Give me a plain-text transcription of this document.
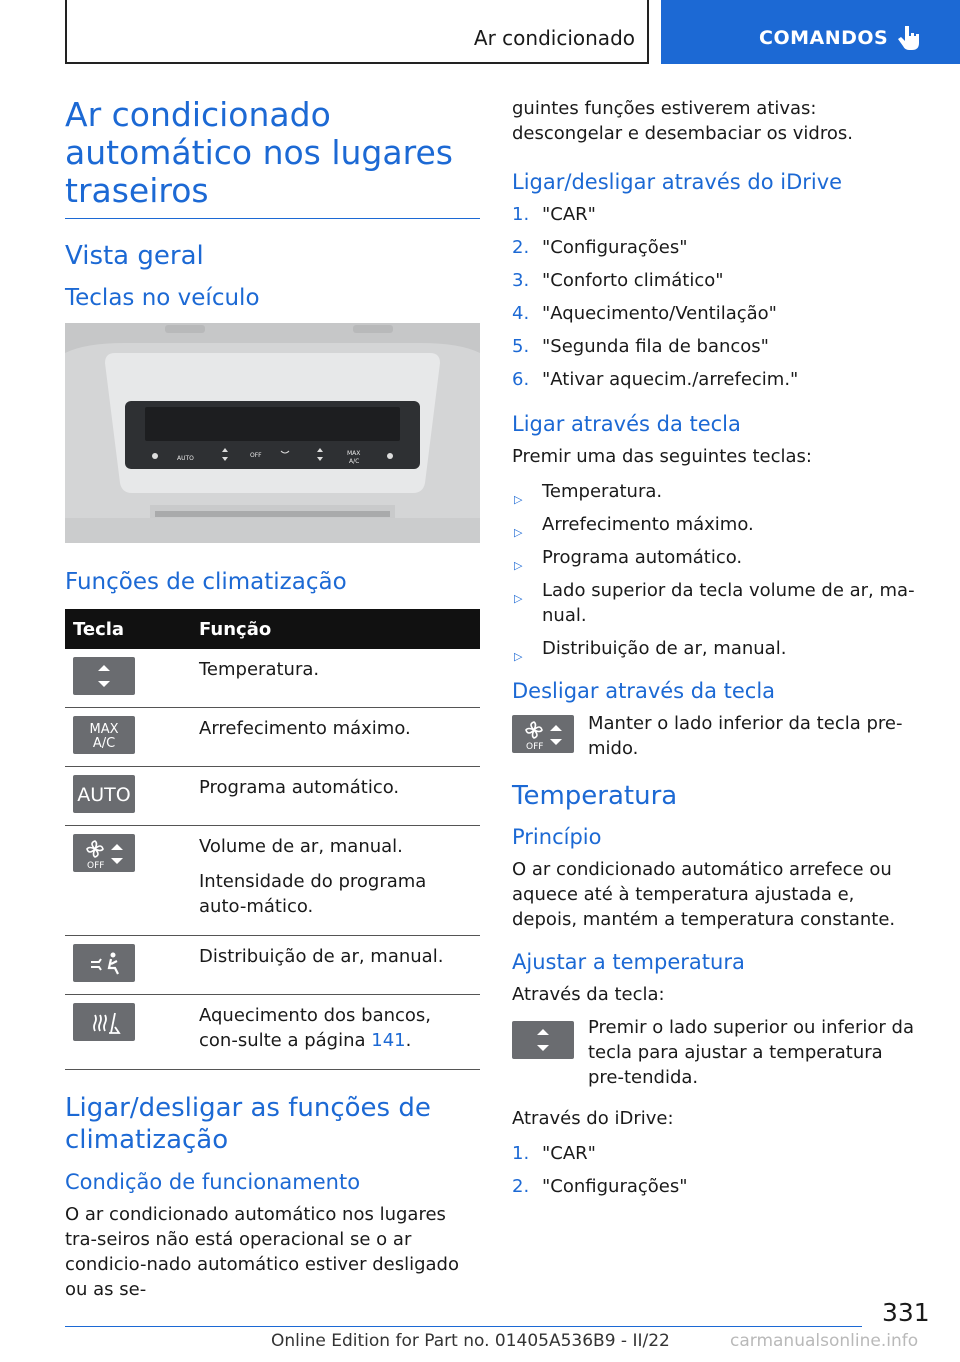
Ar condicionado	COMANDOS
Ar condicionado automático nos lugares traseiros
Vista geral
Teclas no veículo
AUTO
MAX
A/C
OFF
Funções de climatização
Tecla	Função

Temperatura.

MAX
A/C	Arrefecimento máximo.

AUTO	Programa automático.

OFF	Volume de ar, manual.

Intensidade do programa auto-mático.

Distribuição de ar, manual.

Aquecimento dos bancos, con-sulte a página 141.

Ligar/desligar as funções de climatização
Condição de funcionamento

O ar condicionado automático nos lugares tra-seiros não está operacional se o ar condicio-nado automático estiver desligado ou as se-

guintes funções estiverem ativas: descongelar e desembaciar os vidros.

Ligar/desligar através do iDrive
1. "CAR"
2. "Configurações"
3. "Conforto climático"
4. "Aquecimento/Ventilação"
5. "Segunda fila de bancos"
6. "Ativar aquecim./arrefecim."
Ligar através da tecla

Premir uma das seguintes teclas:

▷ Temperatura.
▷ Arrefecimento máximo.
▷ Programa automático.
▷ Lado superior da tecla volume de ar, ma-nual.
▷ Distribuição de ar, manual.
Desligar através da tecla
OFF

Manter o lado inferior da tecla pre-mido.

Temperatura
Princípio

O ar condicionado automático arrefece ou aquece até à temperatura ajustada e, depois, mantém a temperatura constante.

Ajustar a temperatura

Através da tecla:

Premir o lado superior ou inferior da tecla para ajustar a temperatura pre-tendida.

Através do iDrive:

1. "CAR"
2. "Configurações"
331
Online Edition for Part no. 01405A536B9 - II/22	carmanualsonline.info
